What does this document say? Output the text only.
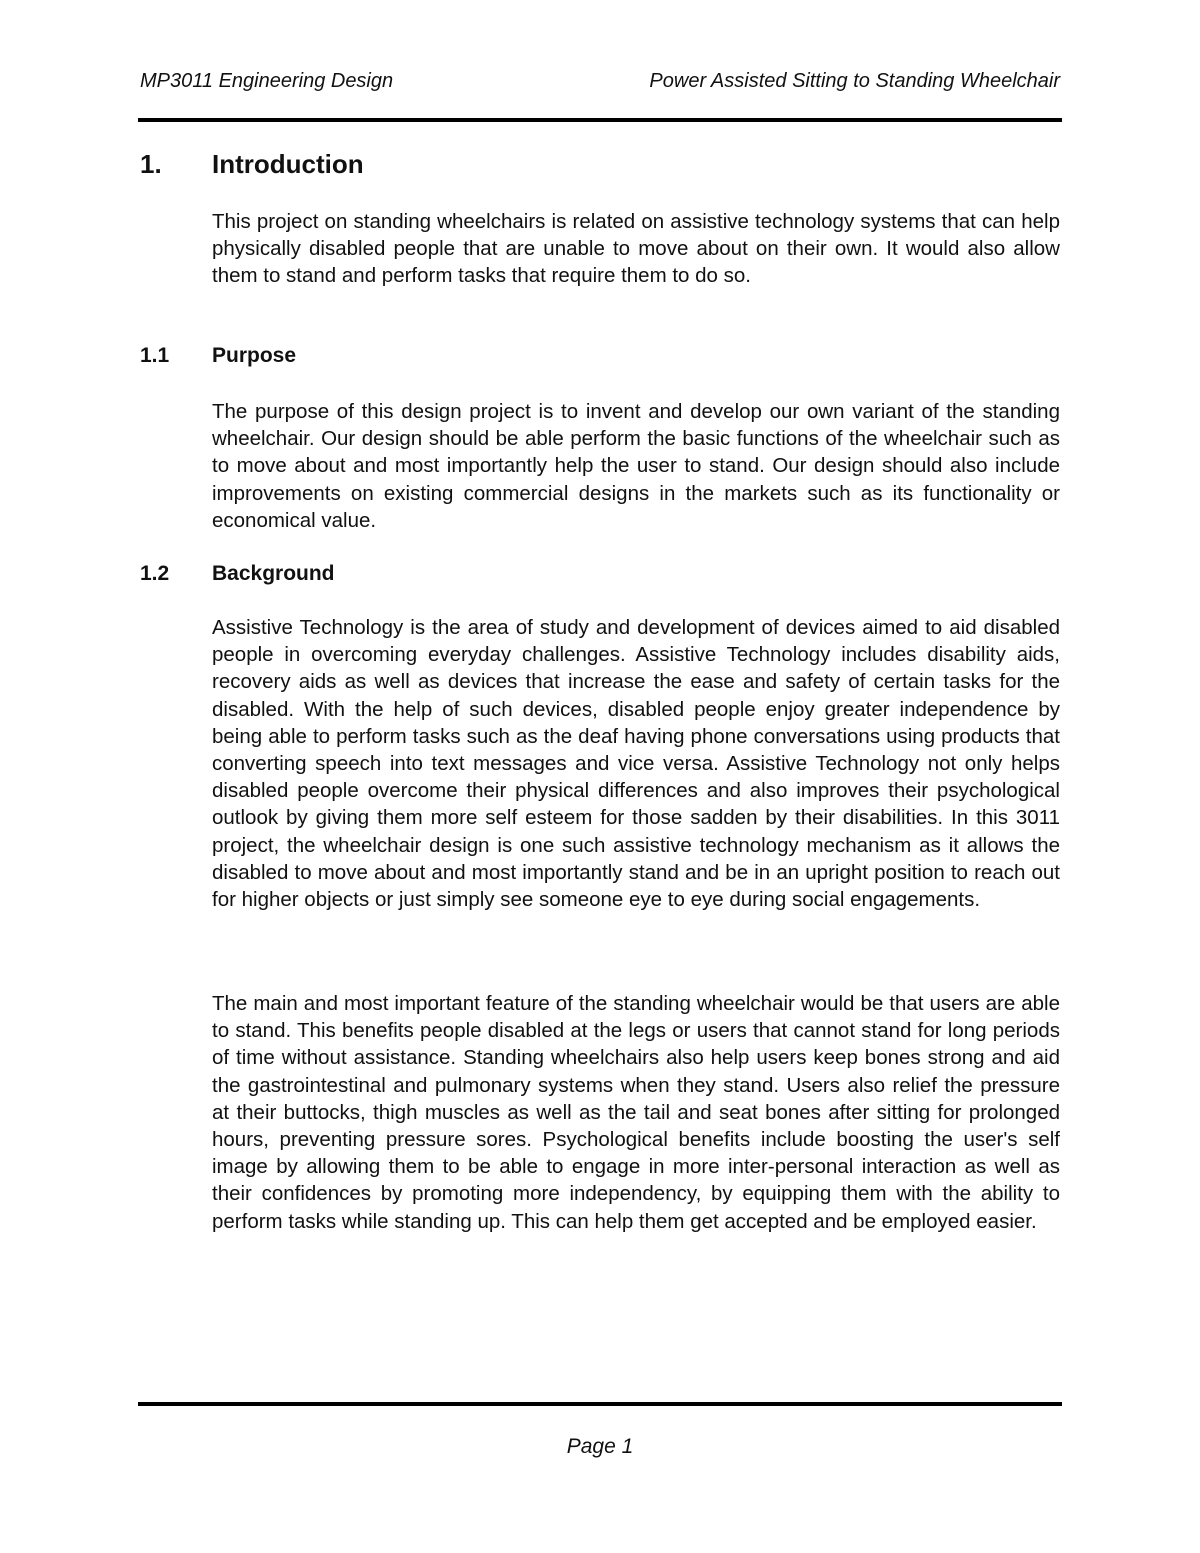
MP3011 Engineering Design	Power Assisted Sitting to Standing Wheelchair
1. Introduction

This project on standing wheelchairs is related on assistive technology systems that can help physically disabled people that are unable to move about on their own. It would also allow them to stand and perform tasks that require them to do so.

1.1 Purpose

The purpose of this design project is to invent and develop our own variant of the standing wheelchair. Our design should be able perform the basic functions of the wheelchair such as to move about and most importantly help the user to stand. Our design should also include improvements on existing commercial designs in the markets such as its functionality or economical value.

1.2 Background

Assistive Technology is the area of study and development of devices aimed to aid disabled people in overcoming everyday challenges. Assistive Technology includes disability aids, recovery aids as well as devices that increase the ease and safety of certain tasks for the disabled. With the help of such devices, disabled people enjoy greater independence by being able to perform tasks such as the deaf having phone conversations using products that converting speech into text messages and vice versa. Assistive Technology not only helps disabled people overcome their physical differences and also improves their psychological outlook by giving them more self esteem for those sadden by their disabilities. In this 3011 project, the wheelchair design is one such assistive technology mechanism as it allows the disabled to move about and most importantly stand and be in an upright position to reach out for higher objects or just simply see someone eye to eye during social engagements.

The main and most important feature of the standing wheelchair would be that users are able to stand. This benefits people disabled at the legs or users that cannot stand for long periods of time without assistance. Standing wheelchairs also help users keep bones strong and aid the gastrointestinal and pulmonary systems when they stand. Users also relief the pressure at their buttocks, thigh muscles as well as the tail and seat bones after sitting for prolonged hours, preventing pressure sores. Psychological benefits include boosting the user's self image by allowing them to be able to engage in more inter-personal interaction as well as their confidences by promoting more independency, by equipping them with the ability to perform tasks while standing up. This can help them get accepted and be employed easier.

Page 1
